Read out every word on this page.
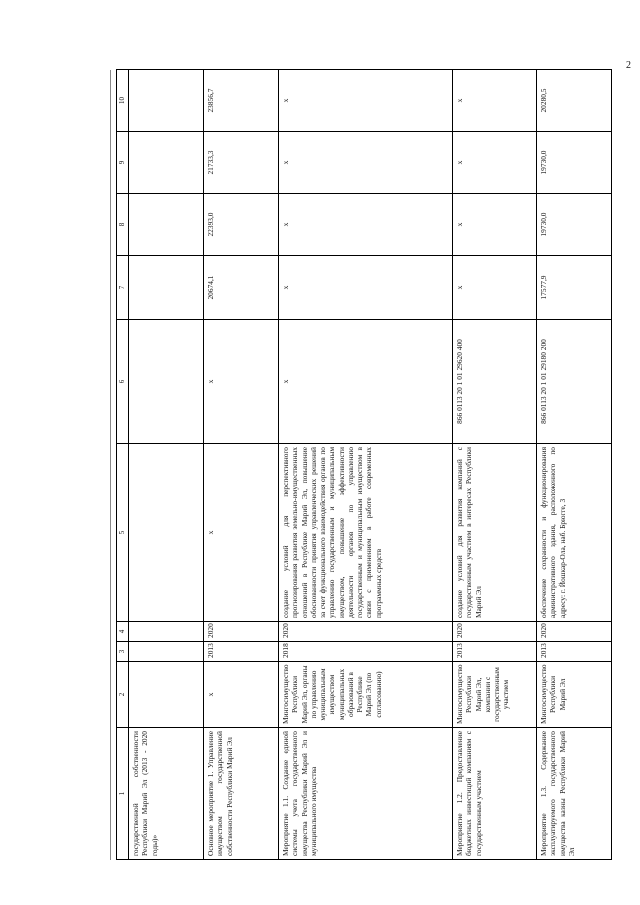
2
1	2	3	4	5	6	7	8	9	10
государственной собственности Республики Марий Эл (2013 - 2020 годы)»									
Основное мероприятие 1. Управление имуществом государственной собственности Республики Марий Эл	х	2013	2020	х	х	20674,1	22393,0	21733,3	23856,7
Мероприятие 1.1. Создание единой системы учета государственного имущества Республики Марий Эл и муниципального имущества	Мингосимущество Республики Марий Эл, органы по управлению муниципальным имуществом муниципальных образований в Республике Марий Эл (по согласованию)	2018	2020	создание условий для перспективного прогнозирования развития земельно-имущественных отношений в Республике Марий Эл, повышение обоснованности принятия управленческих решений за счет функционального взаимодействия органов по управлению государственным и муниципальным имуществом, повышение эффективности деятельности органов по управлению государственным и муниципальным имуществом в связи с применением в работе современных программных средств	х	х	х	х	х
Мероприятие 1.2. Предоставление бюджетных инвестиций компаниям с государственным участием	Мингосимущество Республики Марий Эл, компании с государственным участием	2013	2020	создание условий для развития компаний с государственным участием в интересах Республики Марий Эл	866 0113 20 1 01 29620 400	х	х	х	х
Мероприятие 1.3. Содержание эксплуатируемого государственного имущества казны Республики Марий Эл	Мингосимущество Республики Марий Эл	2013	2020	обеспечение сохранности и функционирования административного здания, расположенного по адресу: г. Йошкар-Ола, наб. Брюгге, 3	866 0113 20 1 01 29180 200	17577,9	19730,0	19730,0	20280,5
